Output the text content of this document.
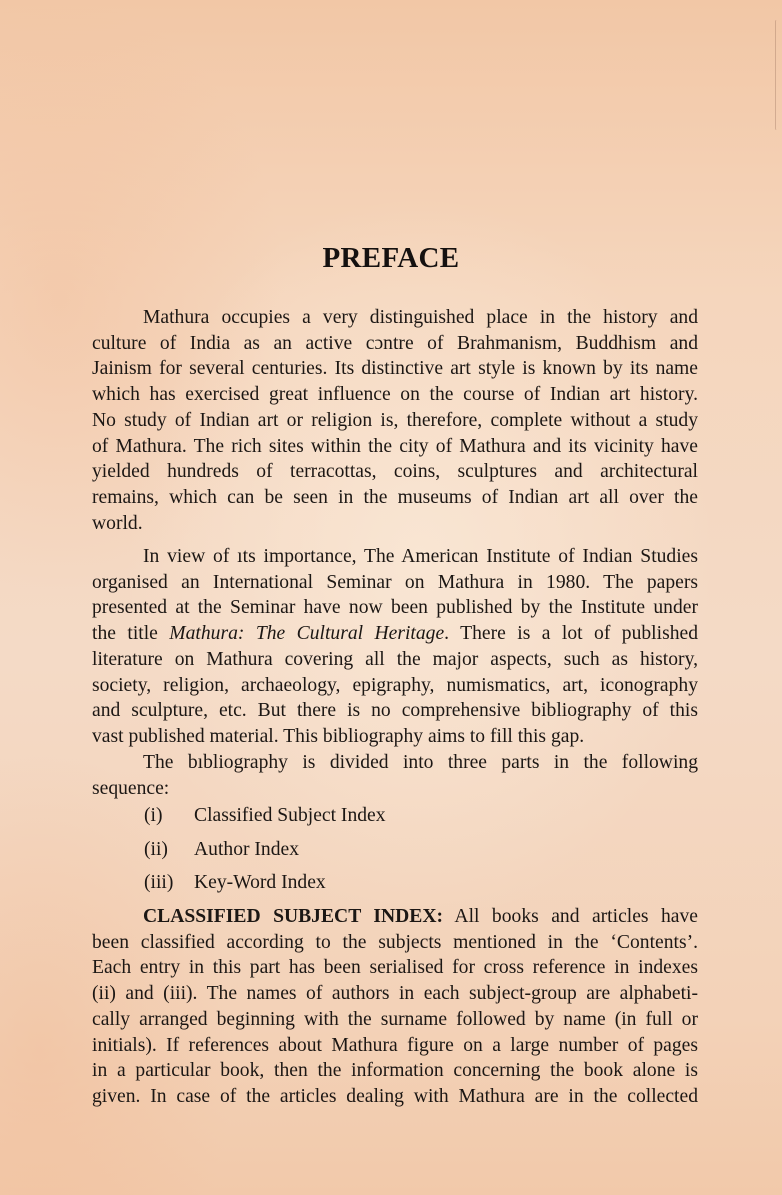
PREFACE
Mathura occupies a very distinguished place in the history and
culture of India as an active cɔntre of Brahmanism, Buddhism and
Jainism for several centuries. Its distinctive art style is known by its name
which has exercised great influence on the course of Indian art history.
No study of Indian art or religion is, therefore, complete without a study
of Mathura. The rich sites within the city of Mathura and its vicinity have
yielded hundreds of terracottas, coins, sculptures and architectural
remains, which can be seen in the museums of Indian art all over the
world.
In view of ıts importance, The American Institute of Indian Studies
organised an International Seminar on Mathura in 1980. The papers
presented at the Seminar have now been published by the Institute under
the title Mathura: The Cultural Heritage. There is a lot of published
literature on Mathura covering all the major aspects, such as history,
society, religion, archaeology, epigraphy, numismatics, art, iconography
and sculpture, etc. But there is no comprehensive bibliography of this
vast published material. This bibliography aims to fill this gap.
The bıbliography is divided into three parts in the following
sequence:
(i) Classified Subject Index
(ii) Author Index
(iii) Key-Word Index
CLASSIFIED SUBJECT INDEX: All books and articles have
been classified according to the subjects mentioned in the ‘Contents’.
Each entry in this part has been serialised for cross reference in indexes
(ii) and (iii). The names of authors in each subject-group are alphabeti-
cally arranged beginning with the surname followed by name (in full or
initials). If references about Mathura figure on a large number of pages
in a particular book, then the information concerning the book alone is
given. In case of the articles dealing with Mathura are in the collected
